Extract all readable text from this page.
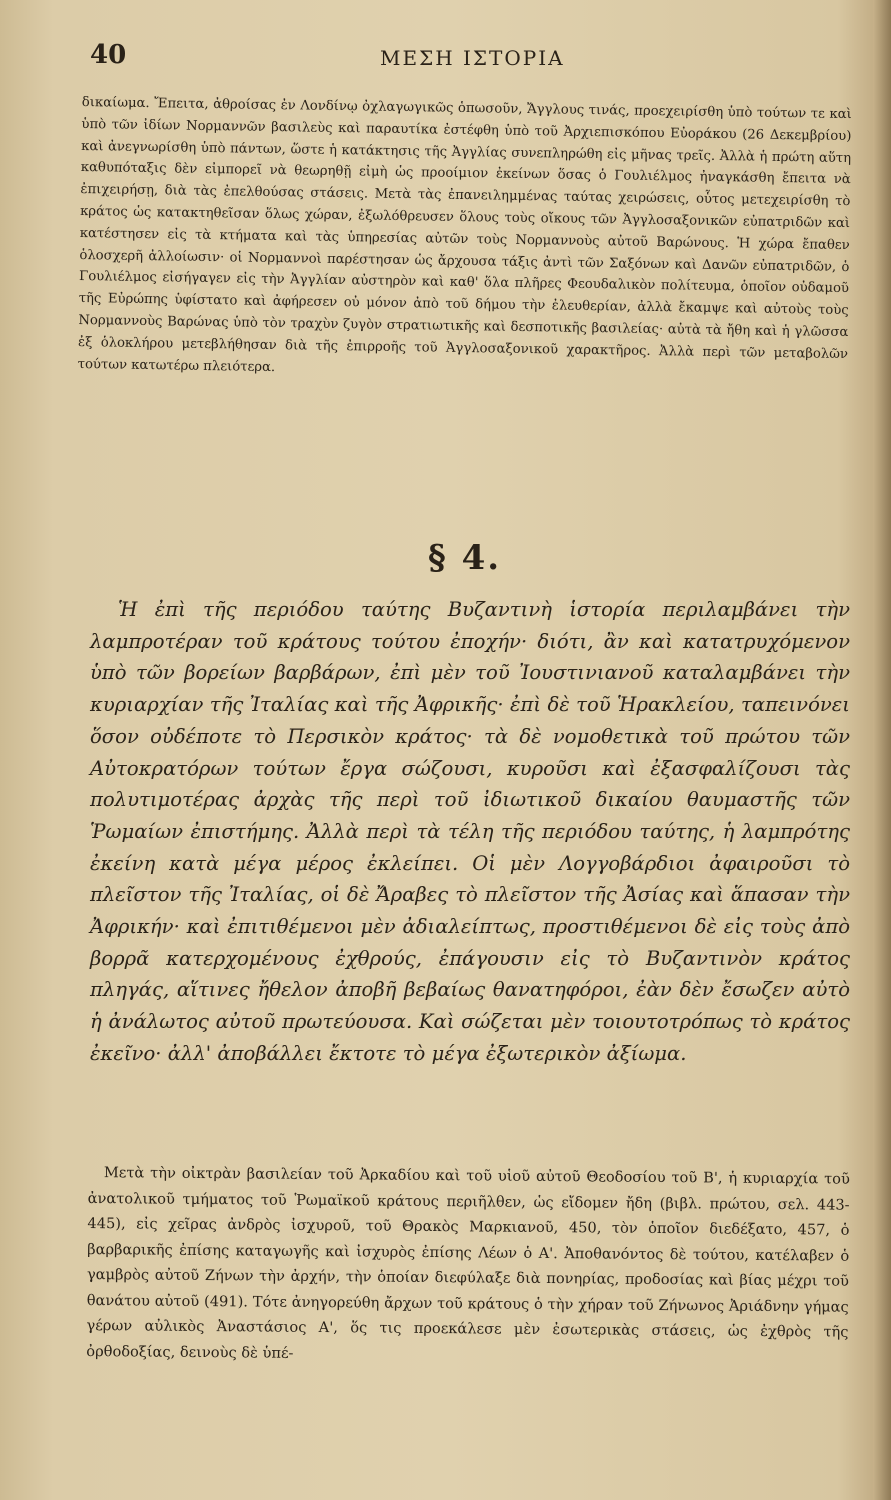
40	ΜΕΣΗ ΙΣΤΟΡΙΑ

δικαίωμα. Ἔπειτα, ἀθροίσας ἐν Λονδίνῳ ὀχλαγωγικῶς ὁπωσοῦν, Ἄγγλους τινάς, προεχειρίσθη ὑπὸ τούτων τε καὶ ὑπὸ τῶν ἰδίων Νορμαννῶν βασιλεὺς καὶ παραυτίκα ἐστέφθη ὑπὸ τοῦ Ἀρχιεπισκόπου Εὐοράκου (26 Δεκεμβρίου) καὶ ἀνεγνωρίσθη ὑπὸ πάντων, ὥστε ἡ κατάκτησις τῆς Ἀγγλίας συνεπληρώθη εἰς μῆνας τρεῖς. Ἀλλὰ ἡ πρώτη αὕτη καθυπόταξις δὲν εἰμπορεῖ νὰ θεωρηθῇ εἰμὴ ὡς προοίμιον ἐκείνων ὅσας ὁ Γουλιέλμος ἠναγκάσθη ἔπειτα νὰ ἐπιχειρήσῃ, διὰ τὰς ἐπελθούσας στάσεις. Μετὰ τὰς ἐπανειλημμένας ταύτας χειρώσεις, οὗτος μετεχειρίσθη τὸ κράτος ὡς κατακτηθεῖσαν ὅλως χώραν, ἐξωλόθρευσεν ὅλους τοὺς οἴκους τῶν Ἀγγλοσαξονικῶν εὐπατριδῶν καὶ κατέστησεν εἰς τὰ κτήματα καὶ τὰς ὑπηρεσίας αὐτῶν τοὺς Νορμαννοὺς αὐτοῦ Βαρώνους. Ἡ χώρα ἔπαθεν ὁλοσχερῆ ἀλλοίωσιν· οἱ Νορμαννοὶ παρέστησαν ὡς ἄρχουσα τάξις ἀντὶ τῶν Σαξόνων καὶ Δανῶν εὐπατριδῶν, ὁ Γουλιέλμος εἰσήγαγεν εἰς τὴν Ἀγγλίαν αὐστηρὸν καὶ καθ' ὅλα πλῆρες Φεουδαλικὸν πολίτευμα, ὁποῖον οὐδαμοῦ τῆς Εὐρώπης ὑφίστατο καὶ ἀφήρεσεν οὐ μόνον ἀπὸ τοῦ δήμου τὴν ἐλευθερίαν, ἀλλὰ ἔκαμψε καὶ αὐτοὺς τοὺς Νορμαννοὺς Βαρώνας ὑπὸ τὸν τραχὺν ζυγὸν στρατιωτικῆς καὶ δεσποτικῆς βασιλείας· αὐτὰ τὰ ἤθη καὶ ἡ γλῶσσα ἐξ ὁλοκλήρου μετεβλήθησαν διὰ τῆς ἐπιρροῆς τοῦ Ἀγγλοσαξονικοῦ χαρακτῆρος. Ἀλλὰ περὶ τῶν μεταβολῶν τούτων κατωτέρω πλειότερα.

§ 4.

Ἡ ἐπὶ τῆς περιόδου ταύτης Βυζαντινὴ ἱστορία περιλαμβάνει τὴν λαμπροτέραν τοῦ κράτους τούτου ἐποχήν· διότι, ἂν καὶ κατατρυχόμενον ὑπὸ τῶν βορείων βαρβάρων, ἐπὶ μὲν τοῦ Ἰουστινιανοῦ καταλαμβάνει τὴν κυριαρχίαν τῆς Ἰταλίας καὶ τῆς Ἀφρικῆς· ἐπὶ δὲ τοῦ Ἡρακλείου, ταπεινόνει ὅσον οὐδέποτε τὸ Περσικὸν κράτος· τὰ δὲ νομοθετικὰ τοῦ πρώτου τῶν Αὐτοκρατόρων τούτων ἔργα σώζουσι, κυροῦσι καὶ ἐξασφαλίζουσι τὰς πολυτιμοτέρας ἀρχὰς τῆς περὶ τοῦ ἰδιωτικοῦ δικαίου θαυμαστῆς τῶν Ῥωμαίων ἐπιστήμης. Ἀλλὰ περὶ τὰ τέλη τῆς περιόδου ταύτης, ἡ λαμπρότης ἐκείνη κατὰ μέγα μέρος ἐκλείπει. Οἱ μὲν Λογγοβάρδιοι ἀφαιροῦσι τὸ πλεῖστον τῆς Ἰταλίας, οἱ δὲ Ἄραβες τὸ πλεῖστον τῆς Ἀσίας καὶ ἅπασαν τὴν Ἀφρικήν· καὶ ἐπιτιθέμενοι μὲν ἀδιαλείπτως, προστιθέμενοι δὲ εἰς τοὺς ἀπὸ βορρᾶ κατερχομένους ἐχθρούς, ἐπάγουσιν εἰς τὸ Βυζαντινὸν κράτος πληγάς, αἵτινες ἤθελον ἀποβῆ βεβαίως θανατηφόροι, ἐὰν δὲν ἔσωζεν αὐτὸ ἡ ἀνάλωτος αὐτοῦ πρωτεύουσα. Καὶ σώζεται μὲν τοιουτοτρόπως τὸ κράτος ἐκεῖνο· ἀλλ' ἀποβάλλει ἔκτοτε τὸ μέγα ἐξωτερικὸν ἀξίωμα.

Μετὰ τὴν οἰκτρὰν βασιλείαν τοῦ Ἀρκαδίου καὶ τοῦ υἱοῦ αὐτοῦ Θεοδοσίου τοῦ Β', ἡ κυριαρχία τοῦ ἀνατολικοῦ τμήματος τοῦ Ῥωμαϊκοῦ κράτους περιῆλθεν, ὡς εἴδομεν ἤδη (βιβλ. πρώτου, σελ. 443-445), εἰς χεῖρας ἀνδρὸς ἰσχυροῦ, τοῦ Θρακὸς Μαρκιανοῦ, 450, τὸν ὁποῖον διεδέξατο, 457, ὁ βαρβαρικῆς ἐπίσης καταγωγῆς καὶ ἰσχυρὸς ἐπίσης Λέων ὁ Α'. Ἀποθανόντος δὲ τούτου, κατέλαβεν ὁ γαμβρὸς αὐτοῦ Ζήνων τὴν ἀρχήν, τὴν ὁποίαν διεφύλαξε διὰ πονηρίας, προδοσίας καὶ βίας μέχρι τοῦ θανάτου αὐτοῦ (491). Τότε ἀνηγορεύθη ἄρχων τοῦ κράτους ὁ τὴν χήραν τοῦ Ζήνωνος Ἀριάδνην γήμας γέρων αὐλικὸς Ἀναστάσιος Α', ὅς τις προεκάλεσε μὲν ἐσωτερικὰς στάσεις, ὡς ἐχθρὸς τῆς ὀρθοδοξίας, δεινοὺς δὲ ὑπέ-
